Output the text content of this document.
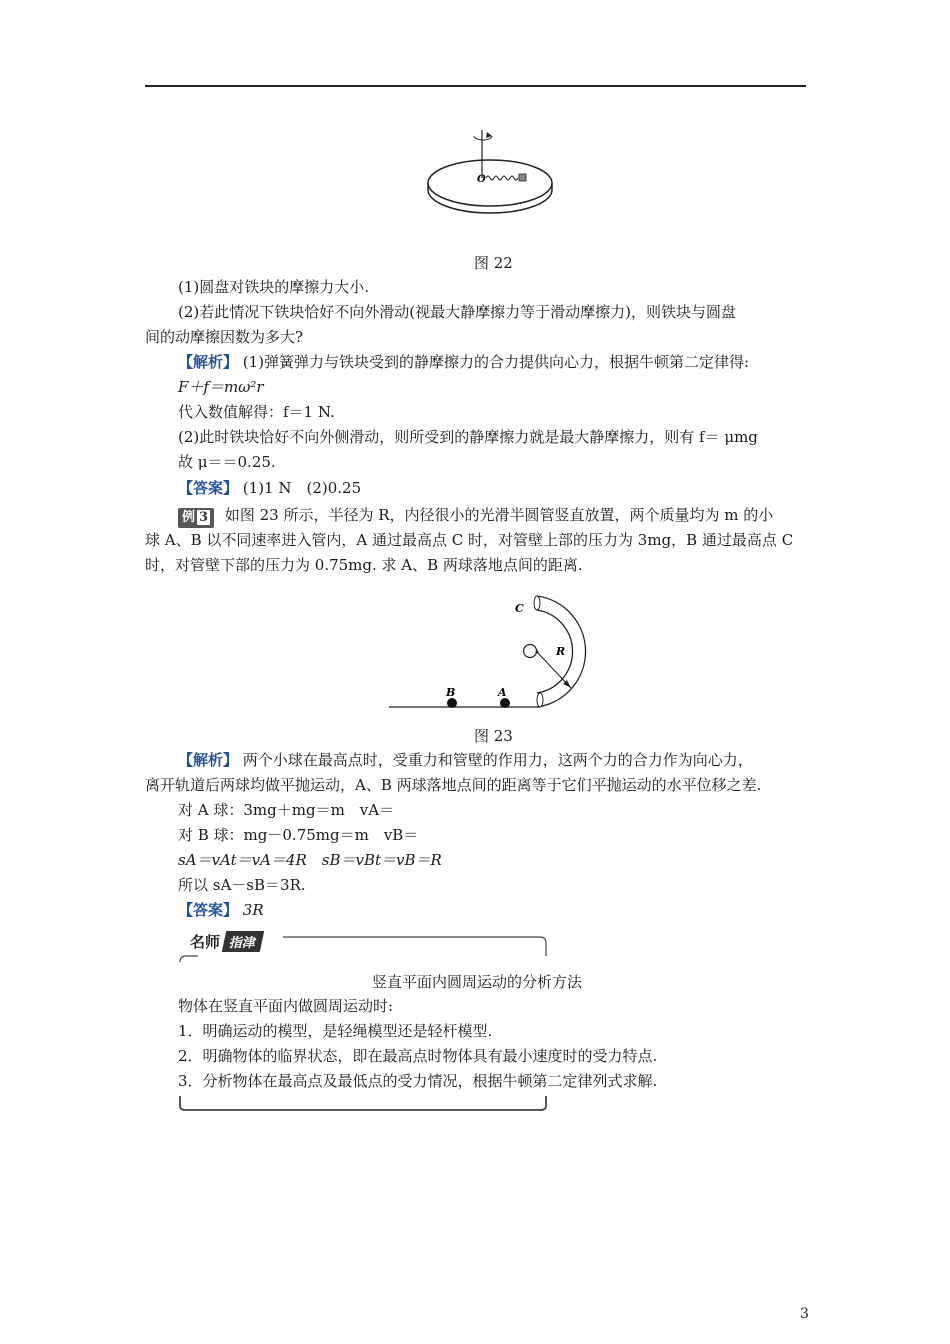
O
图 22
(1)圆盘对铁块的摩擦力大小.
(2)若此情况下铁块恰好不向外滑动(视最大静摩擦力等于滑动摩擦力)，则铁块与圆盘
间的动摩擦因数为多大?
【解析】 (1)弹簧弹力与铁块受到的静摩擦力的合力提供向心力，根据牛顿第二定律得:
F＋f＝mω²r
代入数值解得：f＝1 N.
(2)此时铁块恰好不向外侧滑动，则所受到的静摩擦力就是最大静摩擦力，则有 f＝ μmg
故 μ＝＝0.25.
【答案】 (1)1 N　(2)0.25
例 3 如图 23 所示，半径为 R，内径很小的光滑半圆管竖直放置，两个质量均为 m 的小
球 A、B 以不同速率进入管内，A 通过最高点 C 时，对管壁上部的压力为 3mg，B 通过最高点 C
时，对管壁下部的压力为 0.75mg. 求 A、B 两球落地点间的距离.
C
R
B	A
图 23
【解析】 两个小球在最高点时，受重力和管壁的作用力，这两个力的合力作为向心力，
离开轨道后两球均做平抛运动，A、B 两球落地点间的距离等于它们平抛运动的水平位移之差.
对 A 球：3mg＋mg＝m　vA＝
对 B 球：mg－0.75mg＝m　vB＝
sA＝vAt＝vA＝4R　sB＝vBt＝vB＝R
所以 sA－sB＝3R.
【答案】 3R
名师 指津
竖直平面内圆周运动的分析方法
物体在竖直平面内做圆周运动时:
1．明确运动的模型，是轻绳模型还是轻杆模型.
2．明确物体的临界状态，即在最高点时物体具有最小速度时的受力特点.
3．分析物体在最高点及最低点的受力情况，根据牛顿第二定律列式求解.
3
